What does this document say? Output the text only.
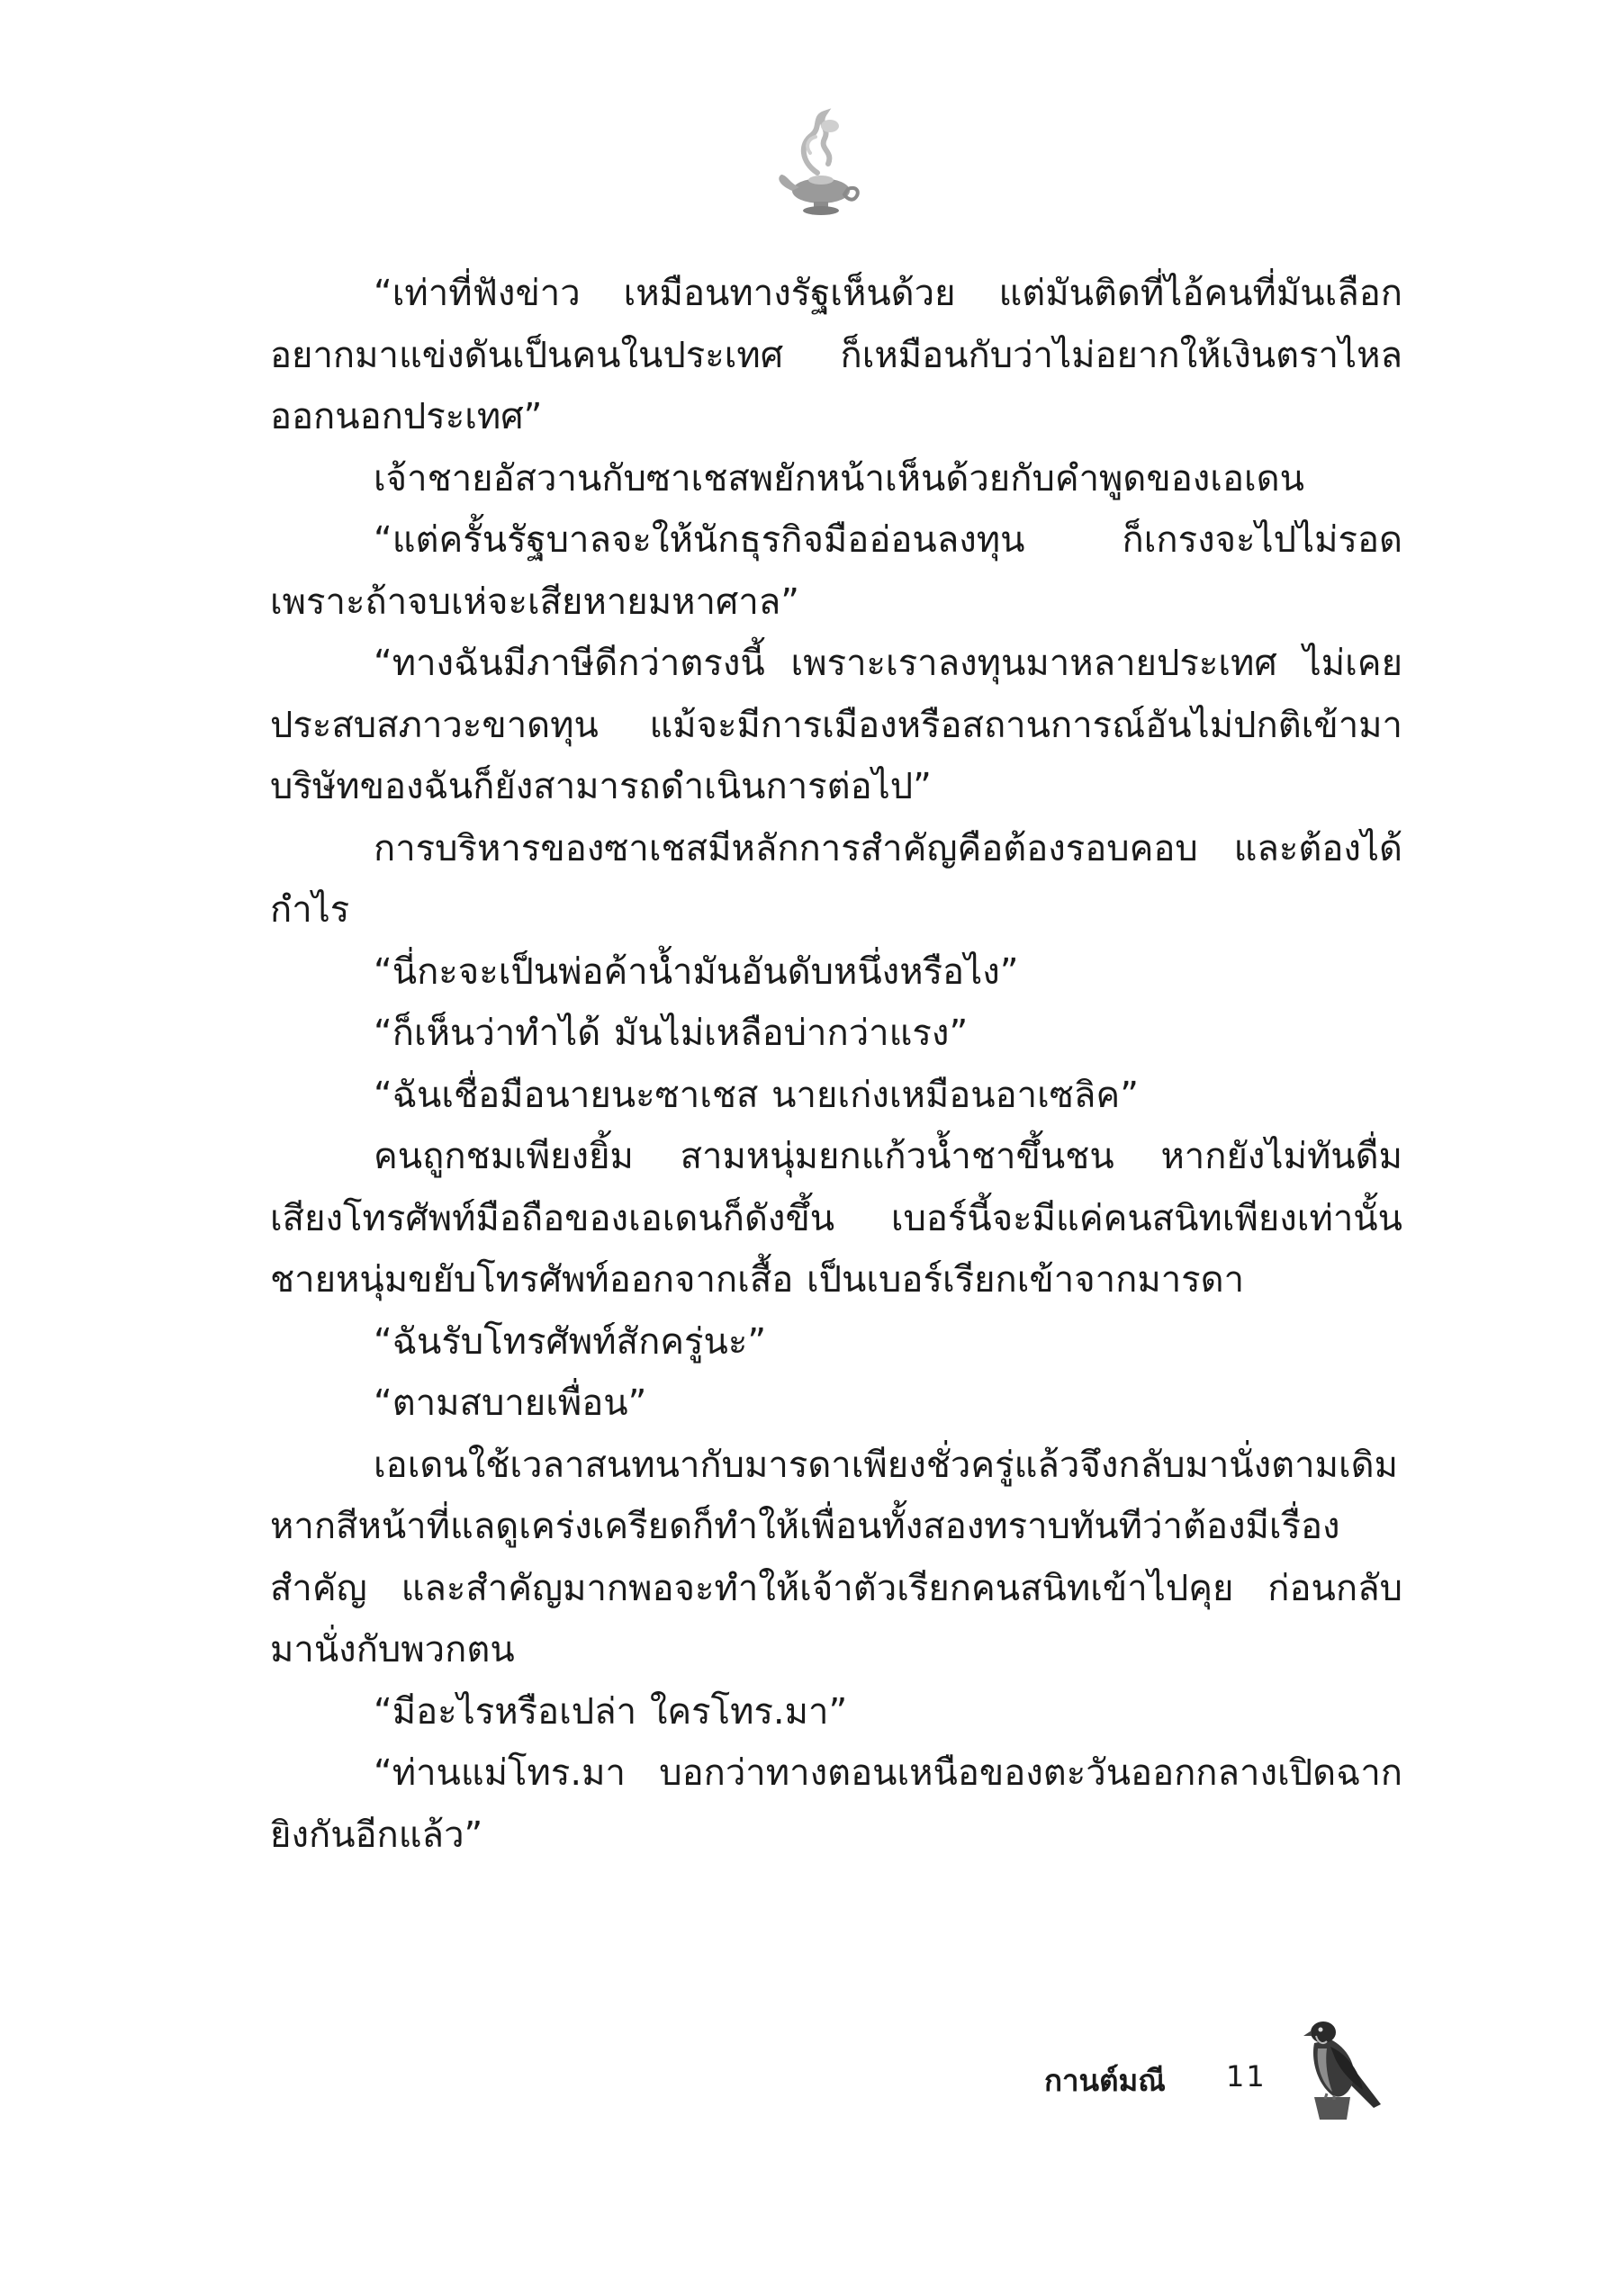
“เท่าที่ฟังข่าว เหมือนทางรัฐเห็นด้วย แต่มันติดที่ไอ้คนที่มันเลือกอยากมาแข่งดันเป็นคนในประเทศ ก็เหมือนกับว่าไม่อยากให้เงินตราไหลออกนอกประเทศ”

เจ้าชายอัสวานกับซาเชสพยักหน้าเห็นด้วยกับคำพูดของเอเดน

“แต่ครั้นรัฐบาลจะให้นักธุรกิจมืออ่อนลงทุน ก็เกรงจะไปไม่รอดเพราะถ้าจบเห่จะเสียหายมหาศาล”

“ทางฉันมีภาษีดีกว่าตรงนี้ เพราะเราลงทุนมาหลายประเทศ ไม่เคยประสบสภาวะขาดทุน แม้จะมีการเมืองหรือสถานการณ์อันไม่ปกติเข้ามาบริษัทของฉันก็ยังสามารถดำเนินการต่อไป”

การบริหารของซาเชสมีหลักการสำคัญคือต้องรอบคอบ และต้องได้กำไร

“นี่กะจะเป็นพ่อค้าน้ำมันอันดับหนึ่งหรือไง”

“ก็เห็นว่าทำได้ มันไม่เหลือบ่ากว่าแรง”

“ฉันเชื่อมือนายนะซาเชส นายเก่งเหมือนอาเซลิค”

คนถูกชมเพียงยิ้ม สามหนุ่มยกแก้วน้ำชาขึ้นชน หากยังไม่ทันดื่มเสียงโทรศัพท์มือถือของเอเดนก็ดังขึ้น เบอร์นี้จะมีแค่คนสนิทเพียงเท่านั้นชายหนุ่มขยับโทรศัพท์ออกจากเสื้อ เป็นเบอร์เรียกเข้าจากมารดา

“ฉันรับโทรศัพท์สักครู่นะ”

“ตามสบายเพื่อน”

เอเดนใช้เวลาสนทนากับมารดาเพียงชั่วครู่แล้วจึงกลับมานั่งตามเดิม หากสีหน้าที่แลดูเคร่งเครียดก็ทำให้เพื่อนทั้งสองทราบทันทีว่าต้องมีเรื่องสำคัญ และสำคัญมากพอจะทำให้เจ้าตัวเรียกคนสนิทเข้าไปคุย ก่อนกลับมานั่งกับพวกตน

“มีอะไรหรือเปล่า ใครโทร.มา”

“ท่านแม่โทร.มา บอกว่าทางตอนเหนือของตะวันออกกลางเปิดฉากยิงกันอีกแล้ว”

กานต์มณี 11
